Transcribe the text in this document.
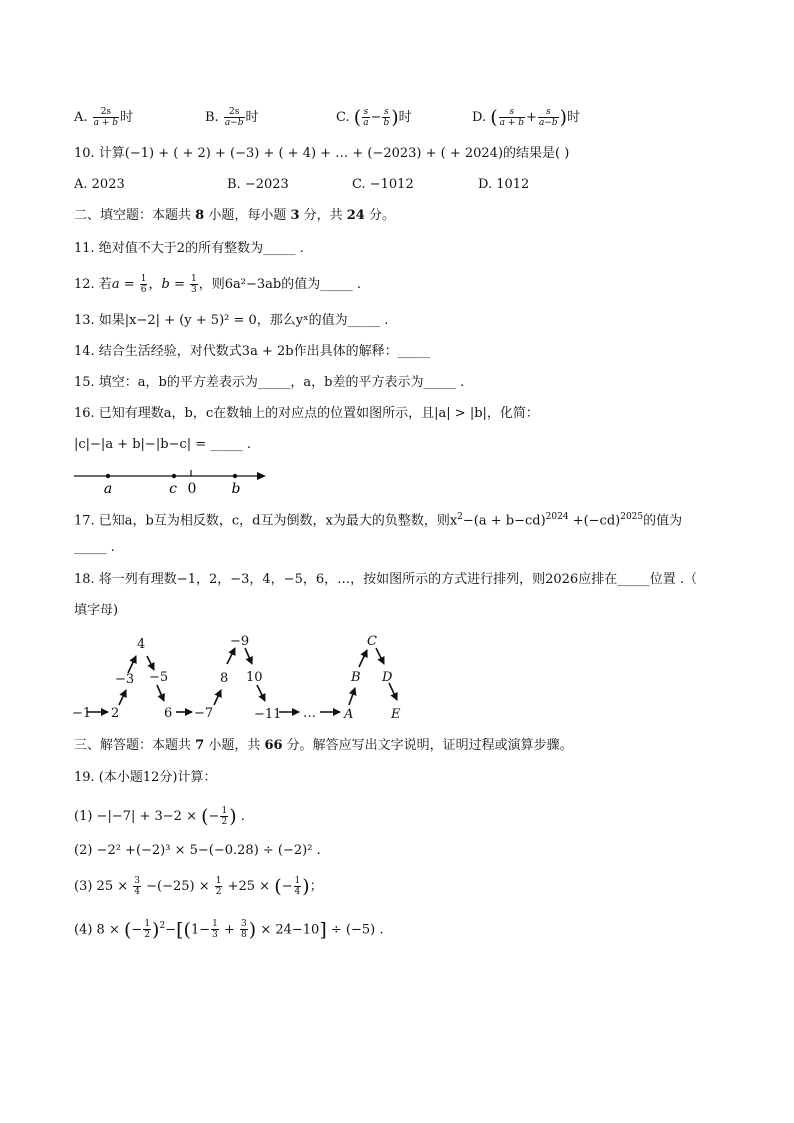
A. $\frac{2s}{a + b}$ 时	B. $\frac{2s}{a-b}$ 时	C. ( $\frac{s}{a} - \frac{s}{b}$ )时	D. ( $\frac{s}{a + b} + \frac{s}{a-b}$ )时
10. 计算(−1) + ( + 2) + (−3) + ( + 4) + … + (−2023) + ( + 2024)的结果是( )
A. 2023	B. −2023	C. −1012	D. 1012
二、填空题：本题共 8 小题，每小题 3 分，共 24 分。
11. 绝对值不大于2的所有整数为_____ .
12. 若$a = \frac{1}{6}$ ，$b = \frac{1}{3}$ ，则6a²−3ab的值为_____ .
13. 如果|x−2| + (y + 5)² = 0，那么yˣ的值为_____ .
14. 结合生活经验，对代数式3a + 2b作出具体的解释：_____
15. 填空：a，b的平方差表示为_____，a，b差的平方表示为_____ .
16. 已知有理数a，b，c在数轴上的对应点的位置如图所示，且|a| > |b|，化简：
|c|−|a + b|−|b−c| = _____ .
a	c 0	b
17. 已知a，b互为相反数，c，d互为倒数，x为最大的负整数，则$x^2-(a + b-cd)^{2024} +(-cd)^{2025}$的值为
_____ .
18. 将一列有理数−1，2，−3，4，−5，6，…，按如图所示的方式进行排列，则2026应排在_____位置 .（
填字母)
−1 2
−3
4
−5
6 −7
8
−9
10
−11 … A
B
C
D
E
三、解答题：本题共 7 小题，共 66 分。解答应写出文字说明，证明过程或演算步骤。
19. (本小题12分)计算：
(1) −|−7| + 3−2 × (− $\frac{1}{2}$ ) .
(2) −2² +(−2)³ × 5−(−0.28) ÷ (−2)² .
(3) $25 \times \frac{3}{4} -(-25) \times \frac{1}{2} +25$ × (− $\frac{1}{4}$ )；
(4) 8 × (− $\frac{1}{2} )^2-[(1- \frac{1}{3} + \frac{3}{8}$ ) × 24−10] ÷ (−5) .
